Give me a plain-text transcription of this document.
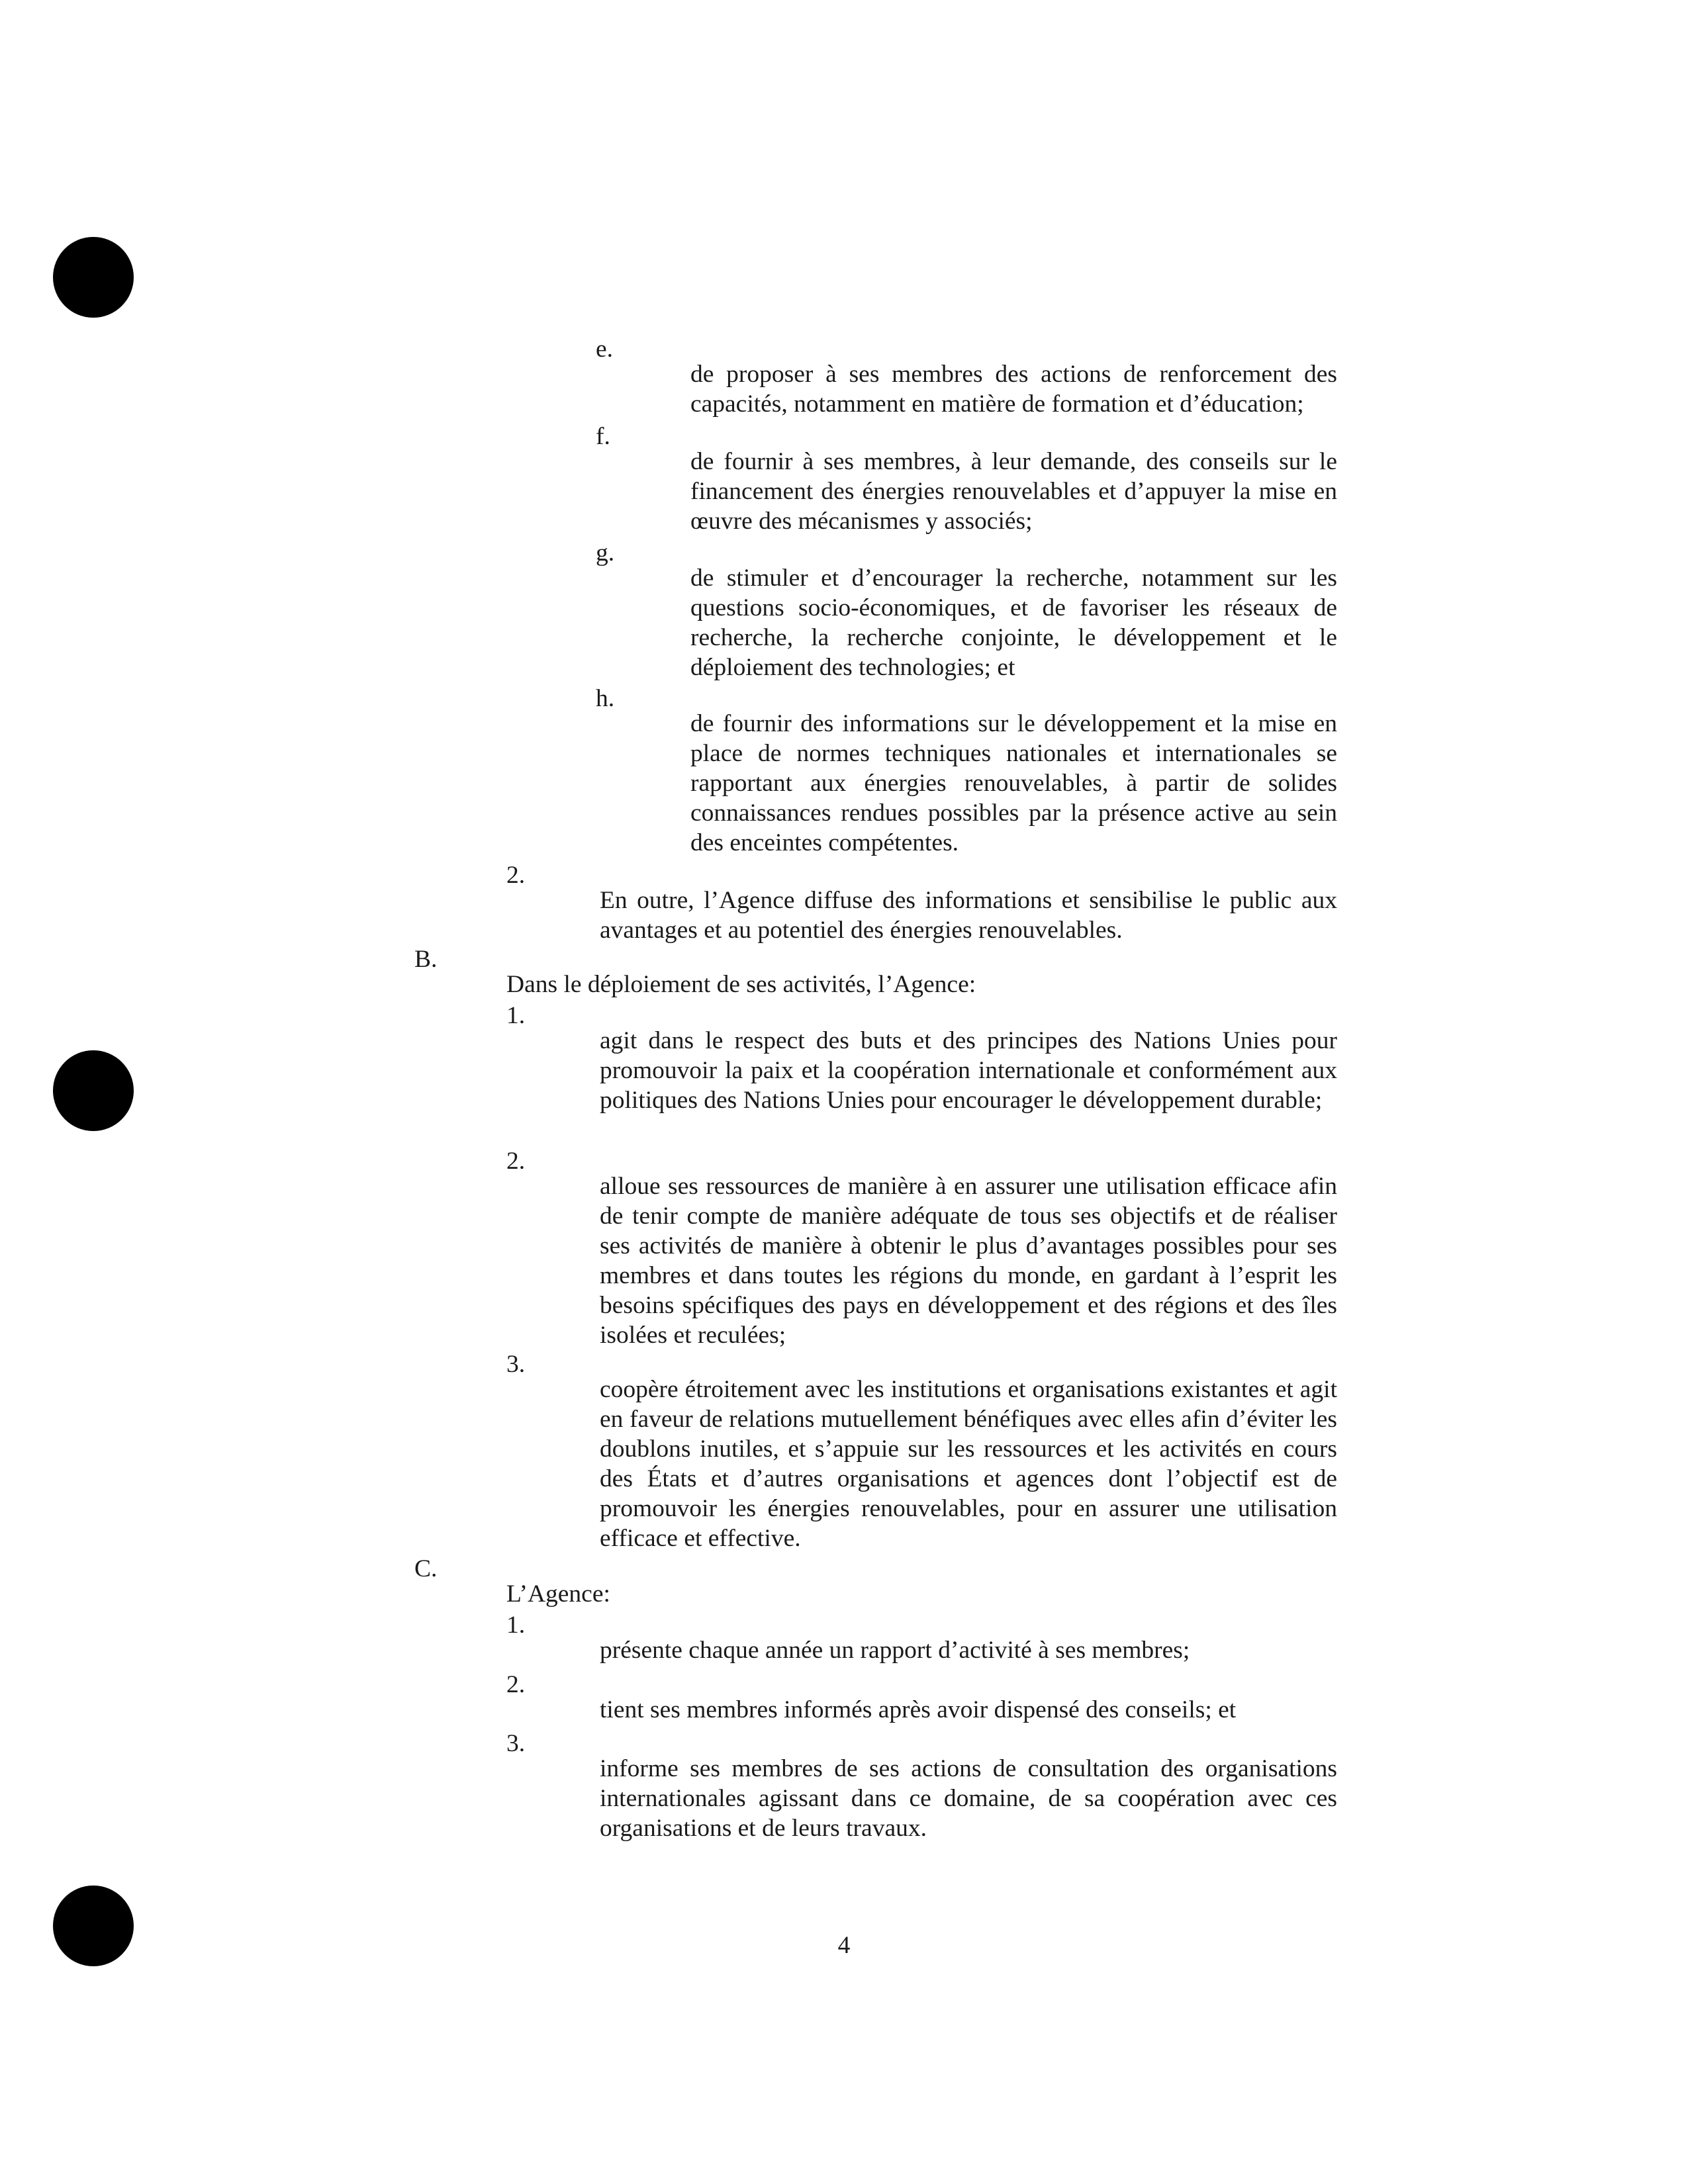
e.

de proposer à ses membres des actions de renforcement des capacités, notamment en matière de formation et d’éducation;

f.

de fournir à ses membres, à leur demande, des conseils sur le financement des énergies renouvelables et d’appuyer la mise en œuvre des mécanismes y associés;

g.

de stimuler et d’encourager la recherche, notamment sur les questions socio-économiques, et de favoriser les réseaux de recherche, la recherche conjointe, le développement et le déploiement des technologies; et

h.

de fournir des informations sur le développement et la mise en place de normes techniques nationales et internationales se rapportant aux énergies renouvelables, à partir de solides connaissances rendues possibles par la présence active au sein des enceintes compétentes.

2.

En outre, l’Agence diffuse des informations et sensibilise le public aux avantages et au potentiel des énergies renouvelables.

B.

Dans le déploiement de ses activités, l’Agence:

1.

agit dans le respect des buts et des principes des Nations Unies pour promouvoir la paix et la coopération internationale et conformément aux politiques des Nations Unies pour encourager le développement durable;

2.

alloue ses ressources de manière à en assurer une utilisation efficace afin de tenir compte de manière adéquate de tous ses objectifs et de réaliser ses activités de manière à obtenir le plus d’avantages possibles pour ses membres et dans toutes les régions du monde, en gardant à l’esprit les besoins spécifiques des pays en développement et des régions et des îles isolées et reculées;

3.

coopère étroitement avec les institutions et organisations existantes et agit en faveur de relations mutuellement bénéfiques avec elles afin d’éviter les doublons inutiles, et s’appuie sur les ressources et les activités en cours des États et d’autres organisations et agences dont l’objectif est de promouvoir les énergies renouvelables, pour en assurer une utilisation efficace et effective.

C.

L’Agence:

1.

présente chaque année un rapport d’activité à ses membres;

2.

tient ses membres informés après avoir dispensé des conseils; et

3.

informe ses membres de ses actions de consultation des organisations internationales agissant dans ce domaine, de sa coopération avec ces organisations et de leurs travaux.

4
